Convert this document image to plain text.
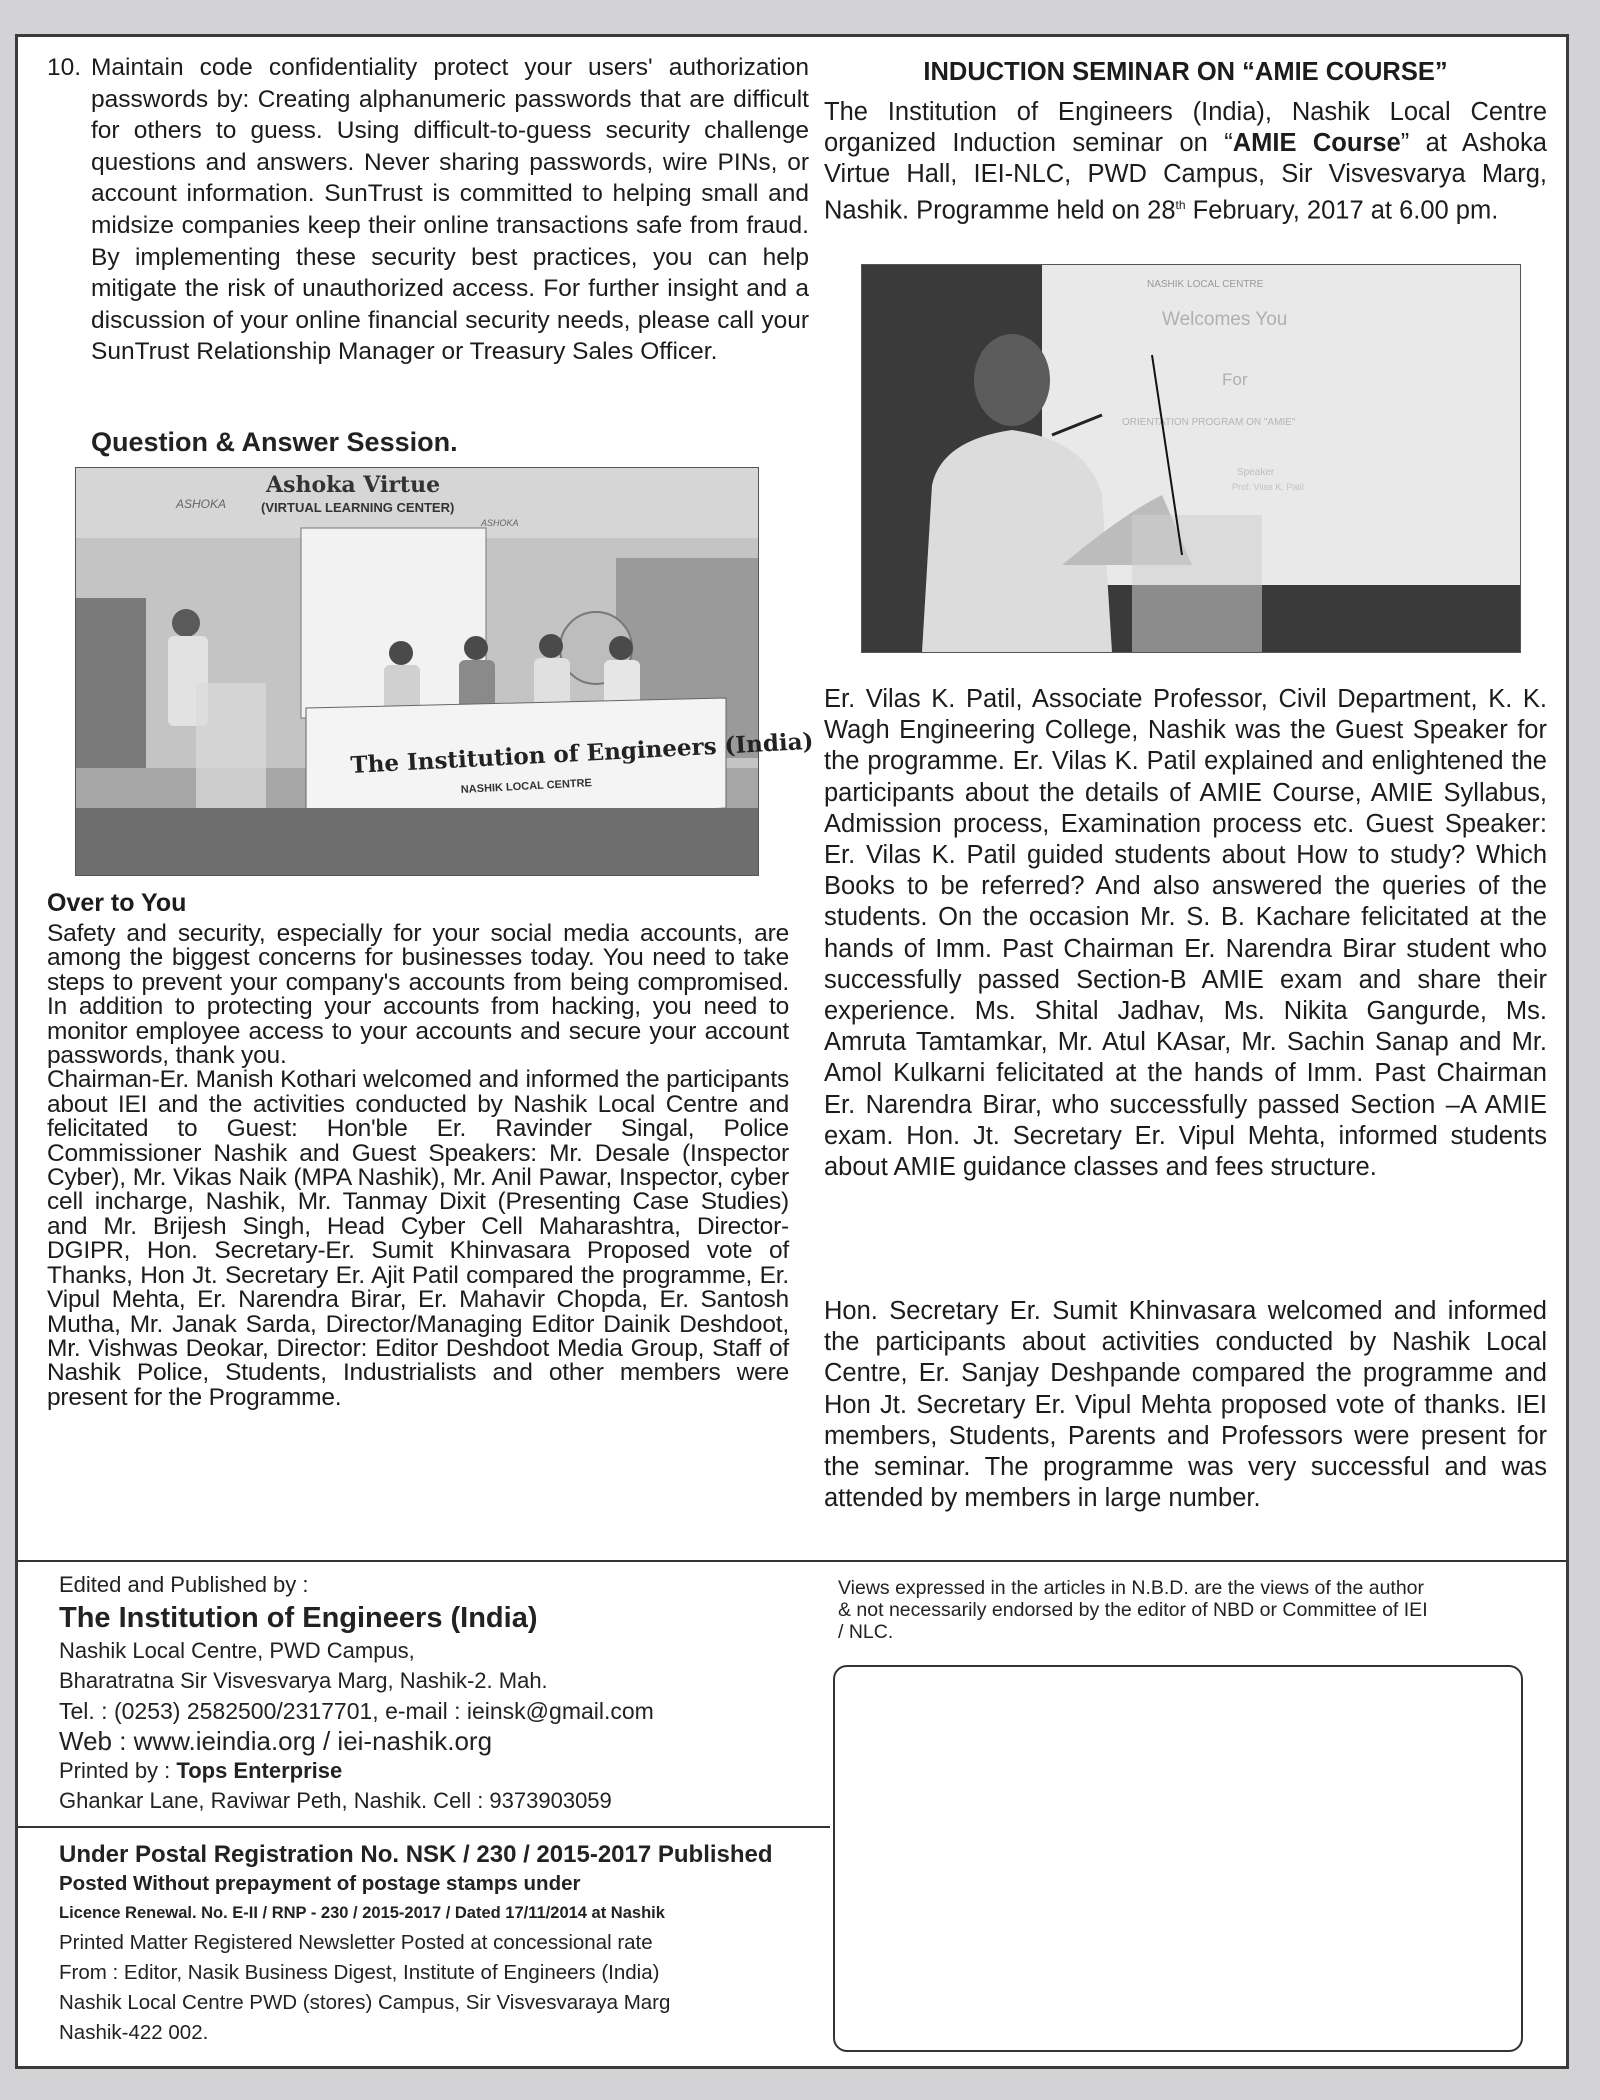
10. Maintain code confidentiality protect your users' authorization passwords by: Creating alphanumeric passwords that are difficult for others to guess. Using difficult-to-guess security challenge questions and answers. Never sharing passwords, wire PINs, or account information. SunTrust is committed to helping small and midsize companies keep their online transactions safe from fraud. By implementing these security best practices, you can help mitigate the risk of unauthorized access. For further insight and a discussion of your online financial security needs, please call your SunTrust Relationship Manager or Treasury Sales Officer.
Question & Answer Session.
Ashoka Virtue
(VIRTUAL LEARNING CENTER)
ASHOKA
ASHOKA
The Institution of Engineers (India)
NASHIK LOCAL CENTRE
Over to You

Safety and security, especially for your social media accounts, are among the biggest concerns for businesses today. You need to take steps to prevent your company's accounts from being compromised. In addition to protecting your accounts from hacking, you need to monitor employee access to your accounts and secure your account passwords, thank you.

Chairman-Er. Manish Kothari welcomed and informed the participants about IEI and the activities conducted by Nashik Local Centre and felicitated to Guest: Hon'ble Er. Ravinder Singal, Police Commissioner Nashik and Guest Speakers: Mr. Desale (Inspector Cyber), Mr. Vikas Naik (MPA Nashik), Mr. Anil Pawar, Inspector, cyber cell incharge, Nashik, Mr. Tanmay Dixit (Presenting Case Studies) and Mr. Brijesh Singh, Head Cyber Cell Maharashtra, Director-DGIPR, Hon. Secretary-Er. Sumit Khinvasara Proposed vote of Thanks, Hon Jt. Secretary Er. Ajit Patil compared the programme, Er. Vipul Mehta, Er. Narendra Birar, Er. Mahavir Chopda, Er. Santosh Mutha, Mr. Janak Sarda, Director/Managing Editor Dainik Deshdoot, Mr. Vishwas Deokar, Director: Editor Deshdoot Media Group, Staff of Nashik Police, Students, Industrialists and other members were present for the Programme.

INDUCTION SEMINAR ON “AMIE COURSE”
The Institution of Engineers (India), Nashik Local Centre organized Induction seminar on “AMIE Course” at Ashoka Virtue Hall, IEI-NLC, PWD Campus, Sir Visvesvarya Marg, Nashik. Programme held on 28th February, 2017 at 6.00 pm.
NASHIK LOCAL CENTRE
Welcomes You
For
ORIENTATION PROGRAM ON "AMIE"
Speaker
Prof. Vilas K. Patil

Er. Vilas K. Patil, Associate Professor, Civil Department, K. K. Wagh Engineering College, Nashik was the Guest Speaker for the programme. Er. Vilas K. Patil explained and enlightened the participants about the details of AMIE Course, AMIE Syllabus, Admission process, Examination process etc. Guest Speaker: Er. Vilas K. Patil guided students about How to study? Which Books to be referred? And also answered the queries of the students. On the occasion Mr. S. B. Kachare felicitated at the hands of Imm. Past Chairman Er. Narendra Birar student who successfully passed Section-B AMIE exam and share their experience. Ms. Shital Jadhav, Ms. Nikita Gangurde, Ms. Amruta Tamtamkar, Mr. Atul KAsar, Mr. Sachin Sanap and Mr. Amol Kulkarni felicitated at the hands of Imm. Past Chairman Er. Narendra Birar, who successfully passed Section –A AMIE exam. Hon. Jt. Secretary Er. Vipul Mehta, informed students about AMIE guidance classes and fees structure.

Hon. Secretary Er. Sumit Khinvasara welcomed and informed the participants about activities conducted by Nashik Local Centre, Er. Sanjay Deshpande compared the programme and Hon Jt. Secretary Er. Vipul Mehta proposed vote of thanks. IEI members, Students, Parents and Professors were present for the seminar. The programme was very successful and was attended by members in large number.

Edited and Published by :
The Institution of Engineers (India)
Nashik Local Centre, PWD Campus,
Bharatratna Sir Visvesvarya Marg, Nashik-2. Mah.
Tel. : (0253) 2582500/2317701, e-mail : ieinsk@gmail.com
Web : www.ieindia.org / iei-nashik.org
Printed by : Tops Enterprise
Ghankar Lane, Raviwar Peth, Nashik. Cell : 9373903059
Under Postal Registration No. NSK / 230 / 2015-2017 Published
Posted Without prepayment of postage stamps under
Licence Renewal. No. E-II / RNP - 230 / 2015-2017 / Dated 17/11/2014 at Nashik
Printed Matter Registered Newsletter Posted at concessional rate
From : Editor, Nasik Business Digest, Institute of Engineers (India)
Nashik Local Centre PWD (stores) Campus, Sir Visvesvaraya Marg
Nashik-422 002.
Views expressed in the articles in N.B.D. are the views of the author & not necessarily endorsed by the editor of NBD or Committee of IEI / NLC.
